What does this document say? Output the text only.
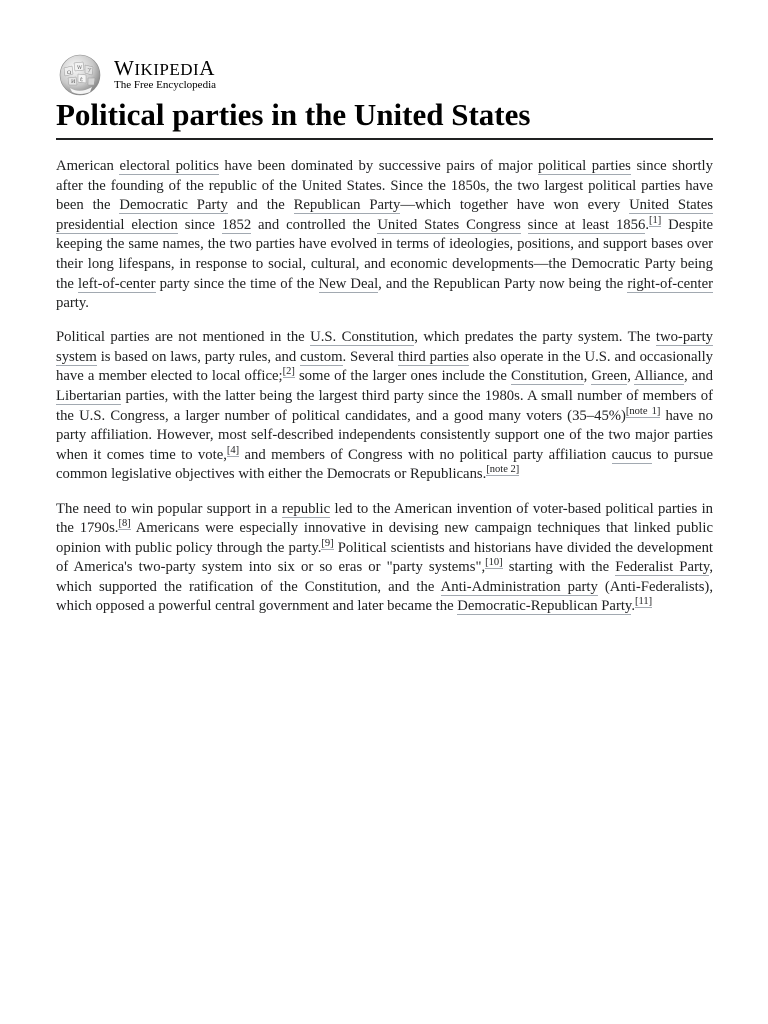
Ω
W ア
И ع WIKIPEDIA
The Free Encyclopedia
Political parties in the United States

American electoral politics have been dominated by successive pairs of major political parties since shortly after the founding of the republic of the United States. Since the 1850s, the two largest political parties have been the Democratic Party and the Republican Party—which together have won every United States presidential election since 1852 and controlled the United States Congress since at least 1856.[1] Despite keeping the same names, the two parties have evolved in terms of ideologies, positions, and support bases over their long lifespans, in response to social, cultural, and economic developments—the Democratic Party being the left-of-center party since the time of the New Deal, and the Republican Party now being the right-of-center party.

Political parties are not mentioned in the U.S. Constitution, which predates the party system. The two-party system is based on laws, party rules, and custom. Several third parties also operate in the U.S. and occasionally have a member elected to local office;[2] some of the larger ones include the Constitution, Green, Alliance, and Libertarian parties, with the latter being the largest third party since the 1980s. A small number of members of the U.S. Congress, a larger number of political candidates, and a good many voters (35–45%)[note 1] have no party affiliation. However, most self-described independents consistently support one of the two major parties when it comes time to vote,[4] and members of Congress with no political party affiliation caucus to pursue common legislative objectives with either the Democrats or Republicans.[note 2]

The need to win popular support in a republic led to the American invention of voter-based political parties in the 1790s.[8] Americans were especially innovative in devising new campaign techniques that linked public opinion with public policy through the party.[9] Political scientists and historians have divided the development of America's two-party system into six or so eras or "party systems",[10] starting with the Federalist Party, which supported the ratification of the Constitution, and the Anti-Administration party (Anti-Federalists), which opposed a powerful central government and later became the Democratic-Republican Party.[11]
